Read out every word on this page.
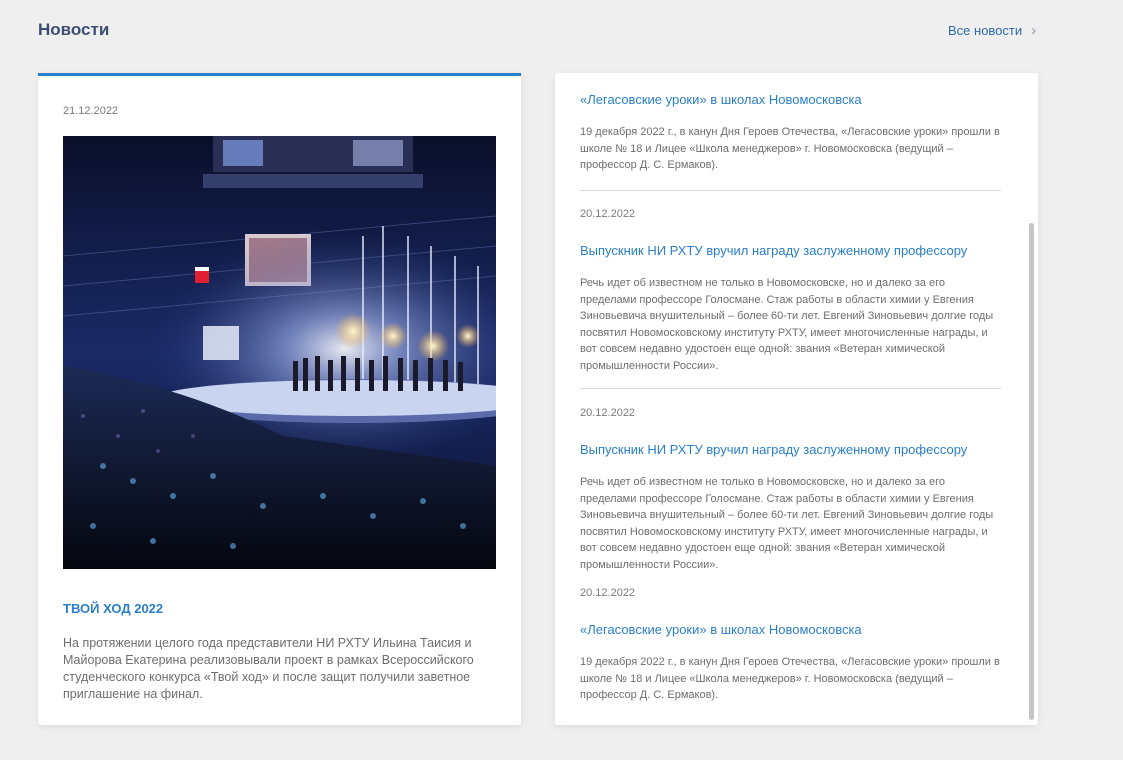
Новости	Все новости ›
21.12.2022
ТВОЙ ХОД 2022

На протяжении целого года представители НИ РХТУ Ильина Таисия и Майорова Екатерина реализовывали проект в рамках Всероссийского студенческого конкурса «Твой ход» и после защит получили заветное приглашение на финал.

«Легасовские уроки» в школах Новомосковска

19 декабря 2022 г., в канун Дня Героев Отечества, «Легасовские уроки» прошли в школе № 18 и Лицее «Школа менеджеров» г. Новомосковска (ведущий – профессор Д. С. Ермаков).

20.12.2022
Выпускник НИ РХТУ вручил награду заслуженному профессору

Речь идет об известном не только в Новомосковске, но и далеко за его пределами профессоре Голосмане. Стаж работы в области химии у Евгения Зиновьевича внушительный – более 60-ти лет. Евгений Зиновьевич долгие годы посвятил Новомосковскому институту РХТУ, имеет многочисленные награды, и вот совсем недавно удостоен еще одной: звания «Ветеран химической промышленности России».

20.12.2022
Выпускник НИ РХТУ вручил награду заслуженному профессору

Речь идет об известном не только в Новомосковске, но и далеко за его пределами профессоре Голосмане. Стаж работы в области химии у Евгения Зиновьевича внушительный – более 60-ти лет. Евгений Зиновьевич долгие годы посвятил Новомосковскому институту РХТУ, имеет многочисленные награды, и вот совсем недавно удостоен еще одной: звания «Ветеран химической промышленности России».

20.12.2022
«Легасовские уроки» в школах Новомосковска

19 декабря 2022 г., в канун Дня Героев Отечества, «Легасовские уроки» прошли в школе № 18 и Лицее «Школа менеджеров» г. Новомосковска (ведущий – профессор Д. С. Ермаков).
